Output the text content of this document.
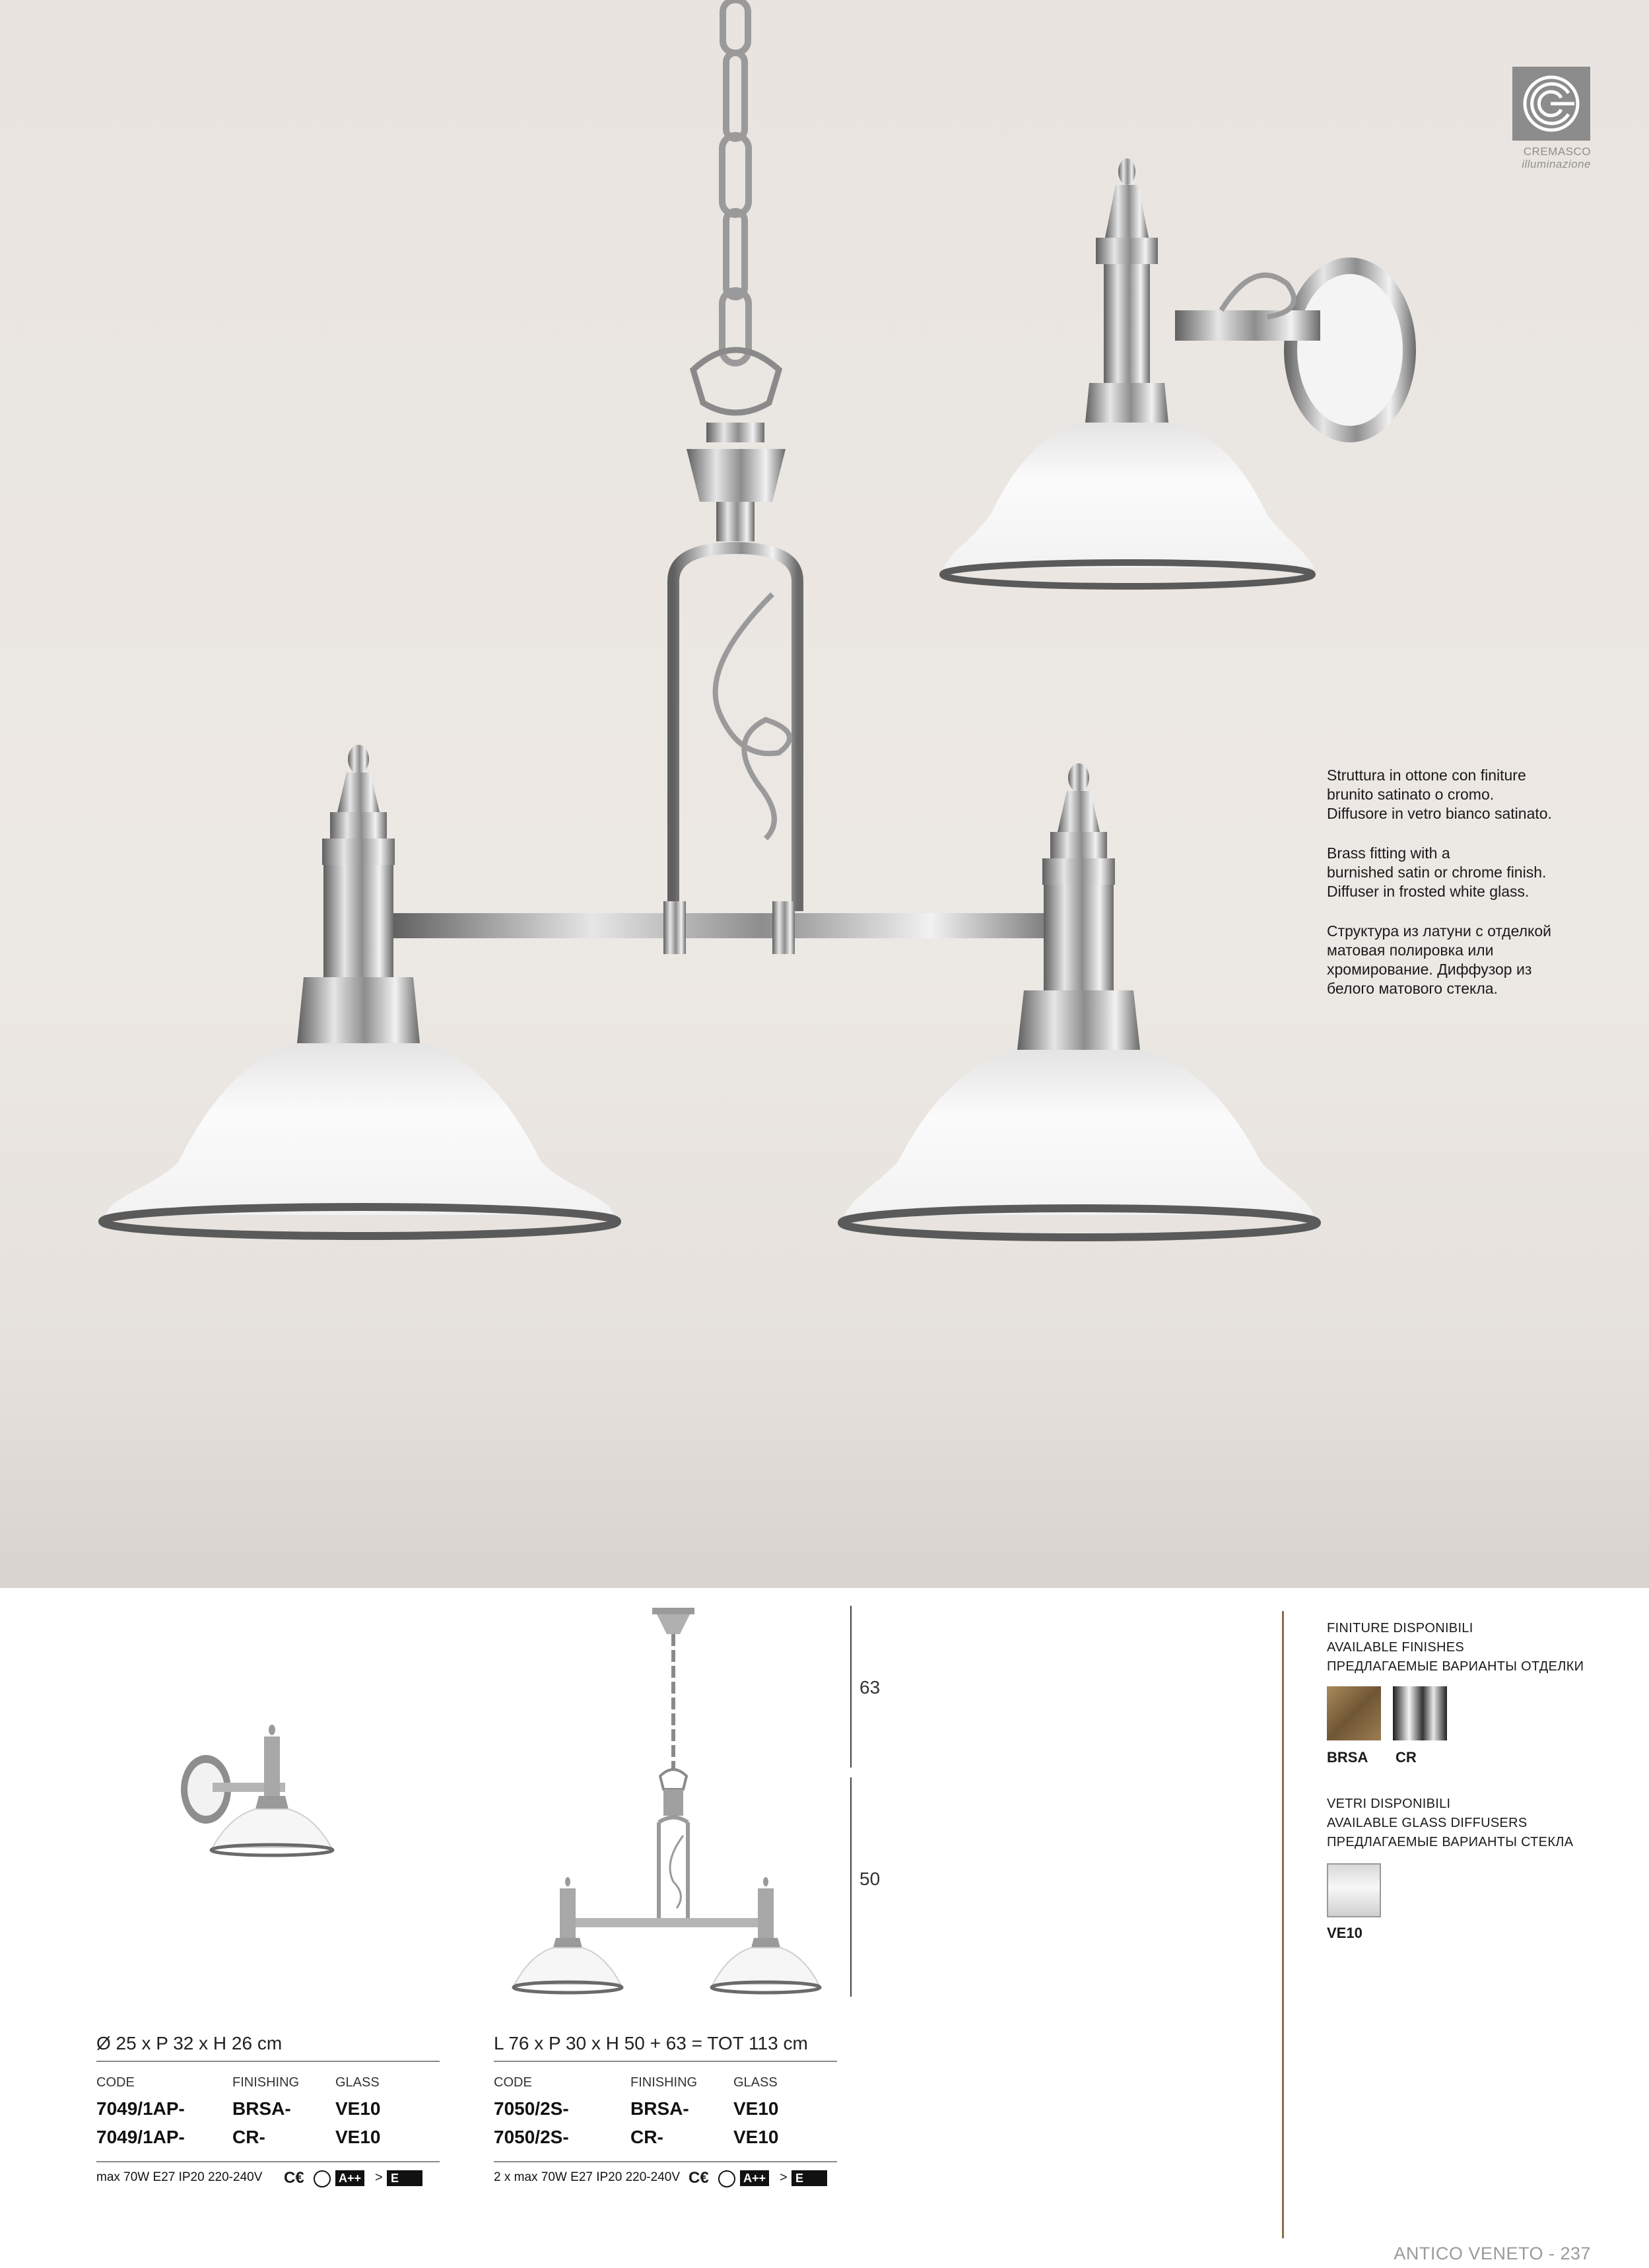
CREMASCO
illuminazione
Struttura in ottone con finiture
brunito satinato o cromo.
Diffusore in vetro bianco satinato.
Brass fitting with a
burnished satin or chrome finish.
Diffuser in frosted white glass.
Структура из латуни с отделкой
матовая полировка или
хромирование. Диффузор из
белого матового стекла.
63
50
Ø 25 x P 32 x H 26 cm
CODE	FINISHING	GLASS
7049/1AP-	BRSA- VE10
7049/1AP-	CR-	VE10
max 70W E27 IP20 220-240V C€	A++ > E
L 76 x P 30 x H 50 + 63 = TOT 113 cm
CODE	FINISHING	GLASS
7050/2S-	BRSA- VE10
7050/2S-	CR-	VE10
2 x max 70W E27 IP20 220-240V C€	A++ > E
FINITURE DISPONIBILI
AVAILABLE FINISHES
ПРЕДЛАГАЕМЫЕ ВАРИАНТЫ ОТДЕЛКИ
BRSA CR
VETRI DISPONIBILI
AVAILABLE GLASS DIFFUSERS
ПРЕДЛАГАЕМЫЕ ВАРИАНТЫ СТЕКЛА
VE10
ANTICO VENETO - 237
